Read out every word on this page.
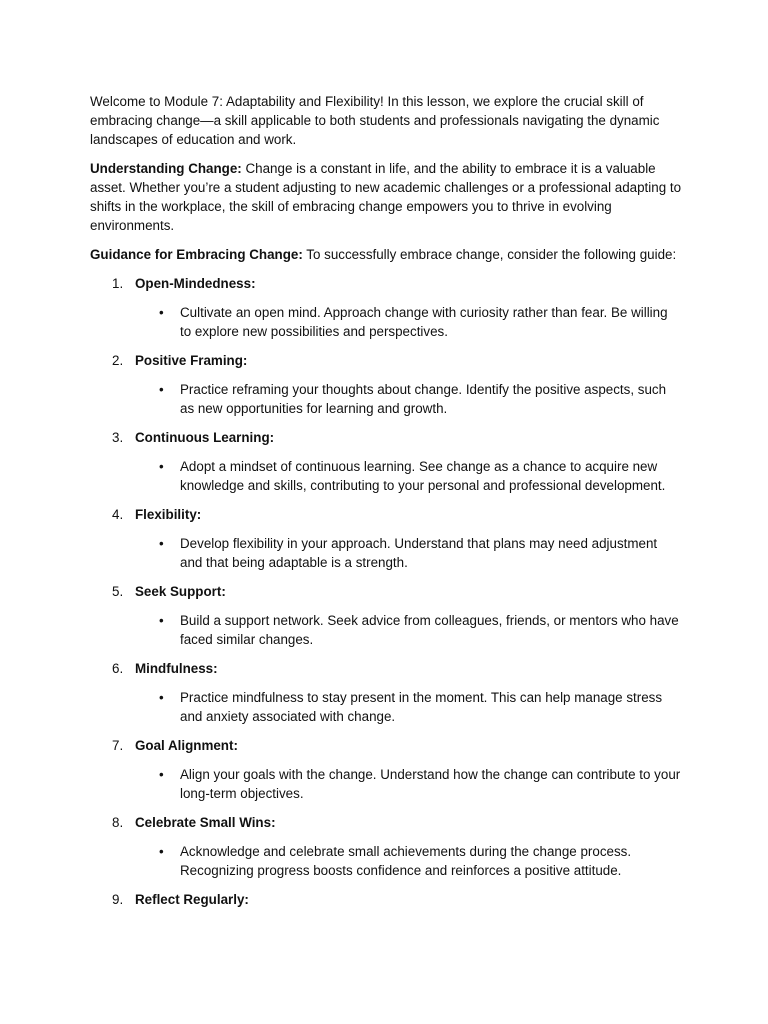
Welcome to Module 7: Adaptability and Flexibility! In this lesson, we explore the crucial skill of embracing change—a skill applicable to both students and professionals navigating the dynamic landscapes of education and work.

Understanding Change: Change is a constant in life, and the ability to embrace it is a valuable asset. Whether you’re a student adjusting to new academic challenges or a professional adapting to shifts in the workplace, the skill of embracing change empowers you to thrive in evolving environments.

Guidance for Embracing Change: To successfully embrace change, consider the following guide:

1. Open-Mindedness:
• Cultivate an open mind. Approach change with curiosity rather than fear. Be willing to explore new possibilities and perspectives.
2. Positive Framing:
• Practice reframing your thoughts about change. Identify the positive aspects, such as new opportunities for learning and growth.
3. Continuous Learning:
• Adopt a mindset of continuous learning. See change as a chance to acquire new knowledge and skills, contributing to your personal and professional development.
4. Flexibility:
• Develop flexibility in your approach. Understand that plans may need adjustment and that being adaptable is a strength.
5. Seek Support:
• Build a support network. Seek advice from colleagues, friends, or mentors who have faced similar changes.
6. Mindfulness:
• Practice mindfulness to stay present in the moment. This can help manage stress and anxiety associated with change.
7. Goal Alignment:
• Align your goals with the change. Understand how the change can contribute to your long-term objectives.
8. Celebrate Small Wins:
• Acknowledge and celebrate small achievements during the change process. Recognizing progress boosts confidence and reinforces a positive attitude.
9. Reflect Regularly:
